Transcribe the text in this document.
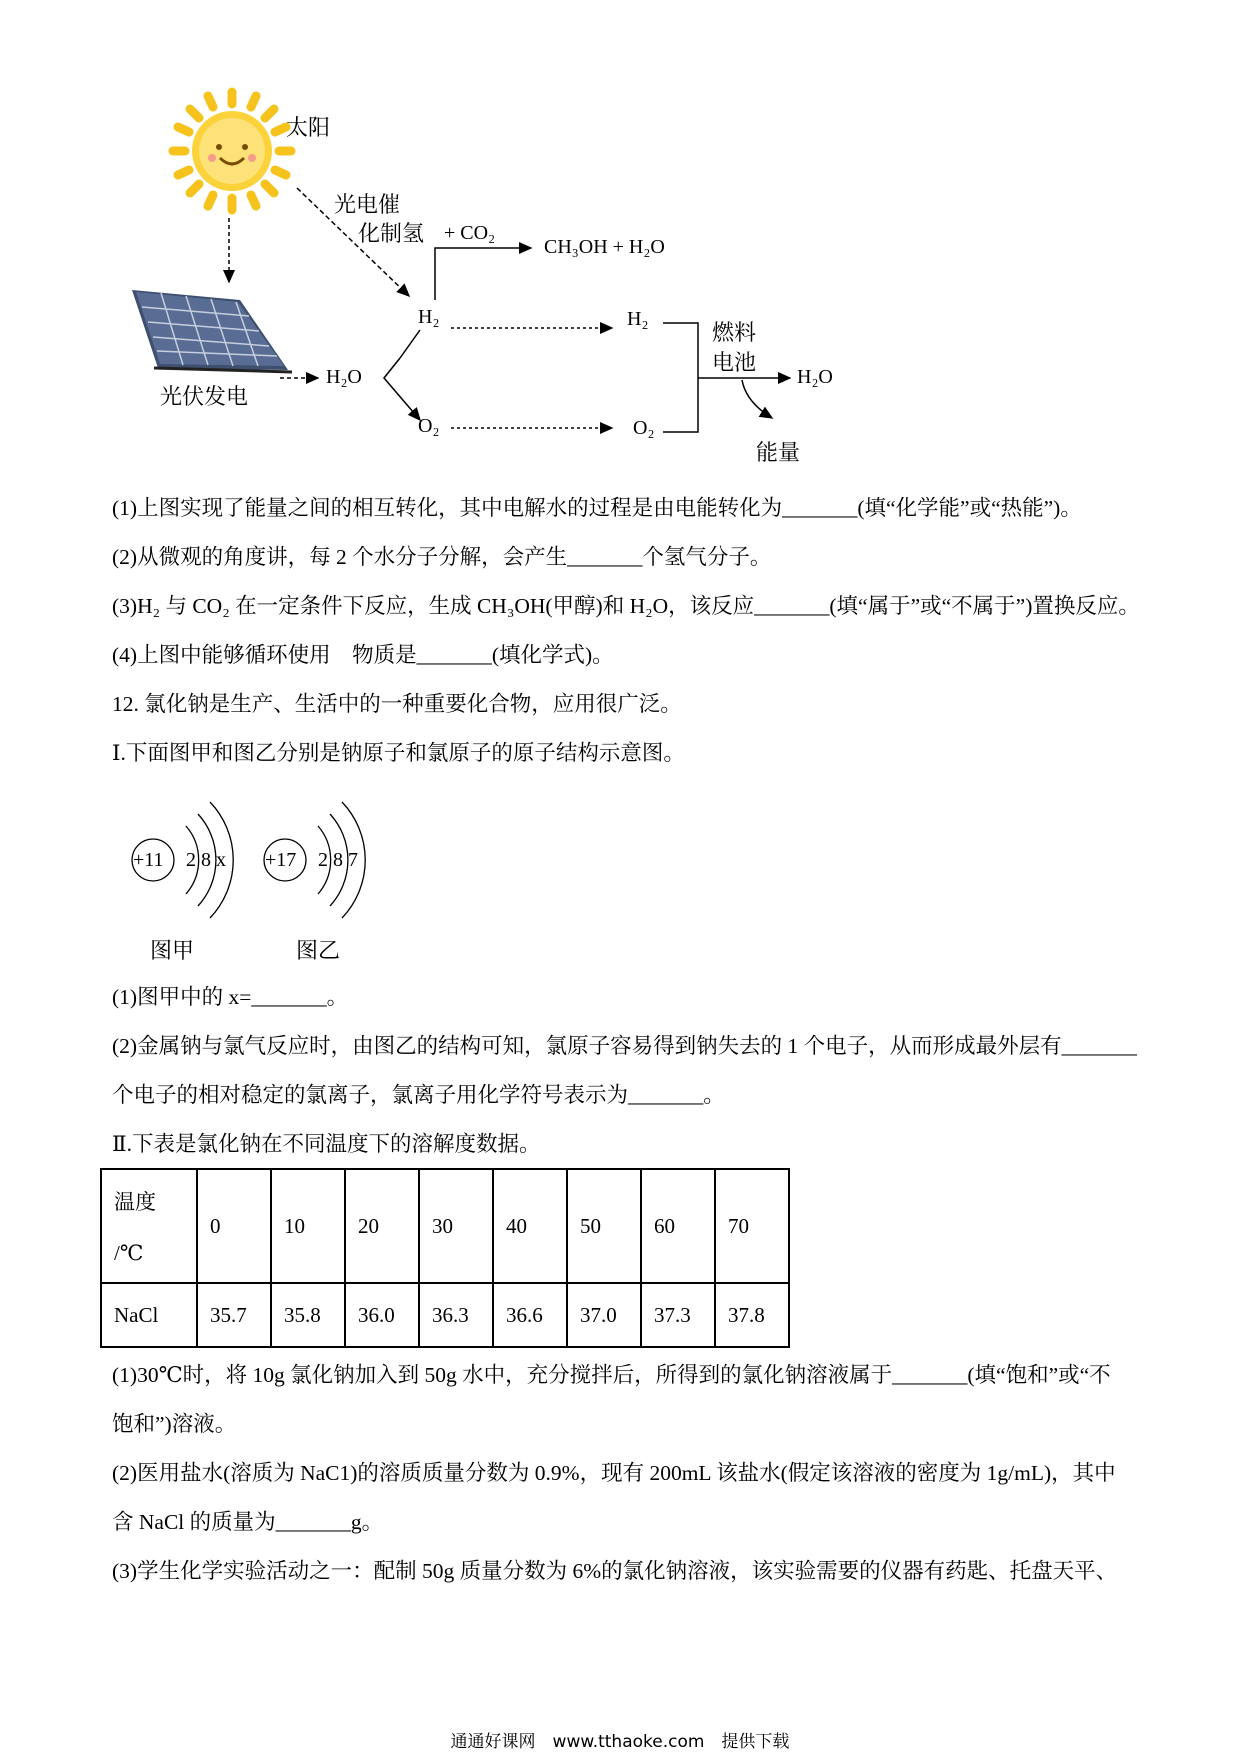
太阳
光电催
化制氢 + CO₂
CH₃OH + H₂O
H₂	H₂
燃料
电池
H₂O	H₂O
光伏发电
O₂	O₂
能量
(1)上图实现了能量之间的相互转化，其中电解水的过程是由电能转化为_______(填“化学能”或“热能”)。
(2)从微观的角度讲，每 2 个水分子分解，会产生_______个氢气分子。
(3)H₂ 与 CO₂ 在一定条件下反应，生成 CH₃OH(甲醇)和 H₂O，该反应_______(填“属于”或“不属于”)置换反应。
(4)上图中能够循环使用　物质是_______(填化学式)。
12. 氯化钠是生产、生活中的一种重要化合物，应用很广泛。
Ⅰ.下面图甲和图乙分别是钠原子和氯原子的原子结构示意图。
+11 2 8 x +17 2 8 7
图甲	图乙
(1)图甲中的 x=_______。
(2)金属钠与氯气反应时，由图乙的结构可知，氯原子容易得到钠失去的 1 个电子，从而形成最外层有_______
个电子的相对稳定的氯离子，氯离子用化学符号表示为_______。
Ⅱ.下表是氯化钠在不同温度下的溶解度数据。
温度

/℃	0	10	20	30	40	50	60	70
NaCl	35.7	35.8	36.0	36.3	36.6	37.0	37.3	37.8
(1)30℃时，将 10g 氯化钠加入到 50g 水中，充分搅拌后，所得到的氯化钠溶液属于_______(填“饱和”或“不
饱和”)溶液。
(2)医用盐水(溶质为 NaC1)的溶质质量分数为 0.9%，现有 200mL 该盐水(假定该溶液的密度为 1g/mL)，其中
含 NaCl 的质量为_______g。
(3)学生化学实验活动之一：配制 50g 质量分数为 6%的氯化钠溶液，该实验需要的仪器有药匙、托盘天平、
通通好课网　www.tthaoke.com　提供下载
